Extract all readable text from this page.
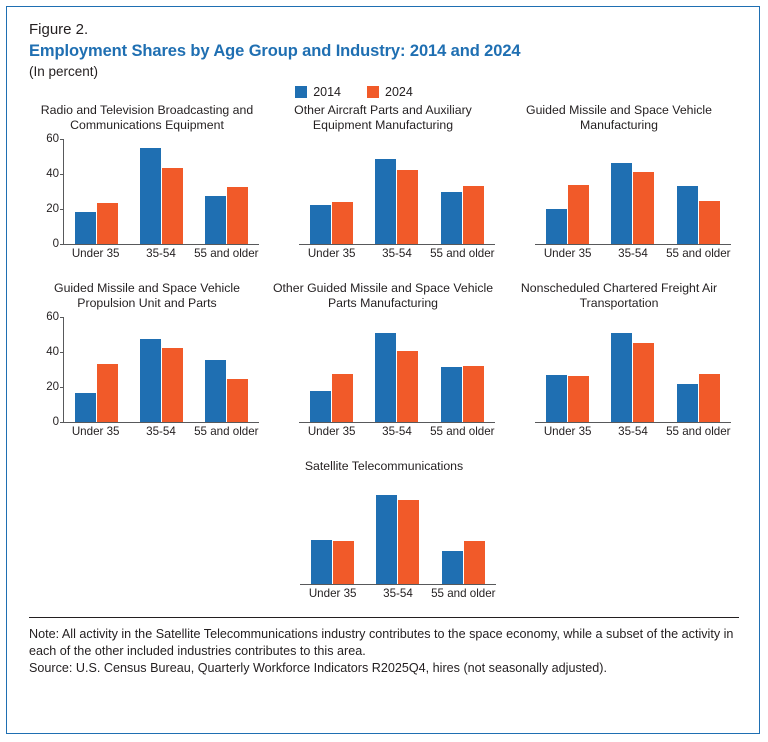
Figure 2.
Employment Shares by Age Group and Industry: 2014 and 2024
(In percent)
2014	2024
Radio and Television Broadcasting and Communications Equipment
60
40
20
0
Under 35	35-54	55 and older
Other Aircraft Parts and Auxiliary Equipment Manufacturing
Under 35	35-54	55 and older
Guided Missile and Space Vehicle Manufacturing
Under 35	35-54	55 and older
Guided Missile and Space Vehicle Propulsion Unit and Parts
60
40
20
0
Under 35	35-54	55 and older
Other Guided Missile and Space Vehicle Parts Manufacturing
Under 35	35-54	55 and older
Nonscheduled Chartered Freight Air Transportation
Under 35	35-54	55 and older
Satellite Telecommunications
Under 35	35-54	55 and older

Note: All activity in the Satellite Telecommunications industry contributes to the space economy, while a subset of the activity in each of the other included industries contributes to this area.

Source: U.S. Census Bureau, Quarterly Workforce Indicators R2025Q4, hires (not seasonally adjusted).
